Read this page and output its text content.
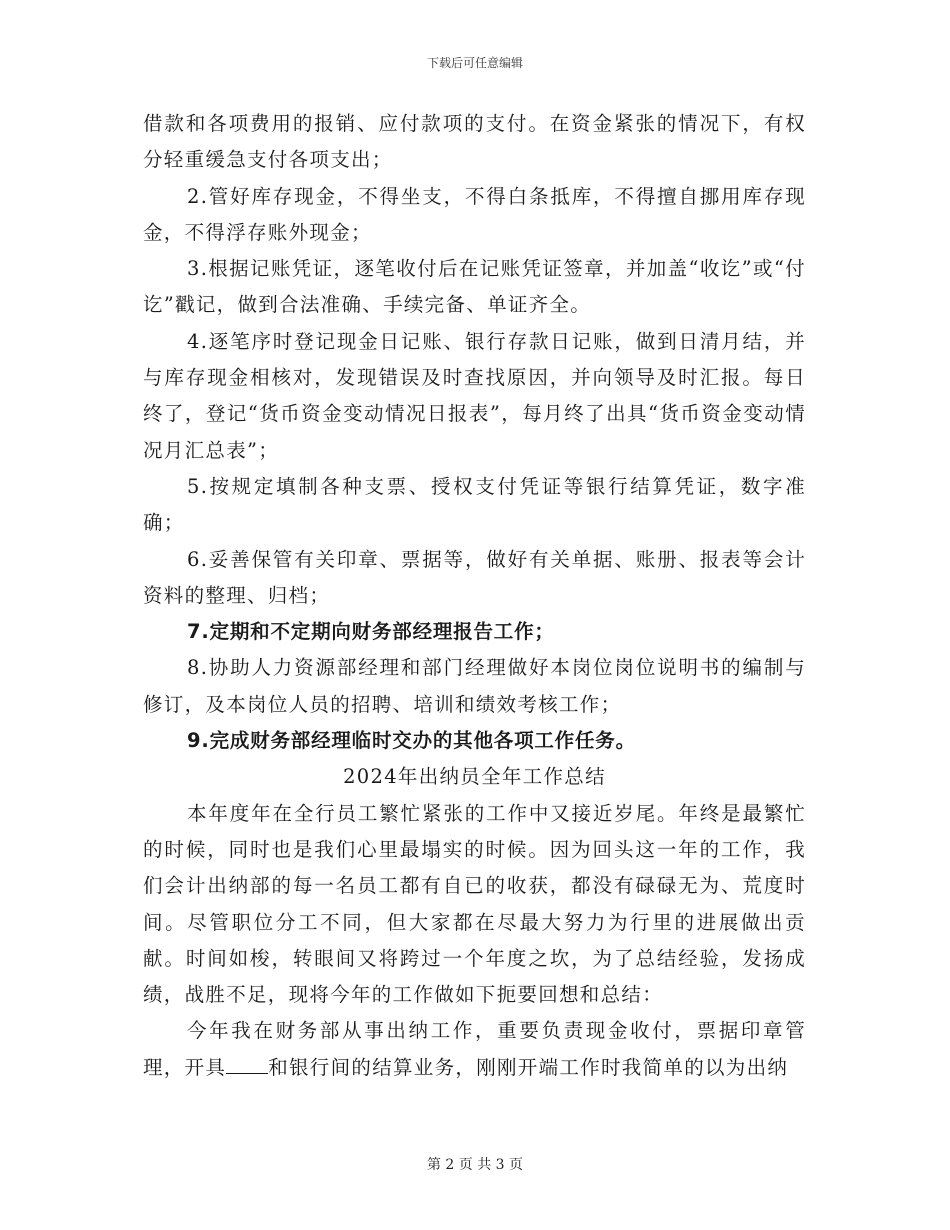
下载后可任意编辑

借款和各项费用的报销、应付款项的支付。在资金紧张的情况下，有权分轻重缓急支付各项支出；

2.管好库存现金，不得坐支，不得白条抵库，不得擅自挪用库存现金，不得浮存账外现金；

3.根据记账凭证，逐笔收付后在记账凭证签章，并加盖“收讫”或“付讫”戳记，做到合法准确、手续完备、单证齐全。

4.逐笔序时登记现金日记账、银行存款日记账，做到日清月结，并与库存现金相核对，发现错误及时查找原因，并向领导及时汇报。每日终了，登记“货币资金变动情况日报表”，每月终了出具“货币资金变动情况月汇总表”；

5.按规定填制各种支票、授权支付凭证等银行结算凭证，数字准确；

6.妥善保管有关印章、票据等，做好有关单据、账册、报表等会计资料的整理、归档；

7.定期和不定期向财务部经理报告工作；

8.协助人力资源部经理和部门经理做好本岗位岗位说明书的编制与修订，及本岗位人员的招聘、培训和绩效考核工作；

9.完成财务部经理临时交办的其他各项工作任务。

2024年出纳员全年工作总结

本年度年在全行员工繁忙紧张的工作中又接近岁尾。年终是最繁忙的时候，同时也是我们心里最塌实的时候。因为回头这一年的工作，我们会计出纳部的每一名员工都有自已的收获，都没有碌碌无为、荒度时间。尽管职位分工不同，但大家都在尽最大努力为行里的进展做出贡献。时间如梭，转眼间又将跨过一个年度之坎，为了总结经验，发扬成绩，战胜不足，现将今年的工作做如下扼要回想和总结：

今年我在财务部从事出纳工作，重要负责现金收付，票据印章管理，开具 和银行间的结算业务，刚刚开端工作时我简单的以为出纳

第 2 页 共 3 页
